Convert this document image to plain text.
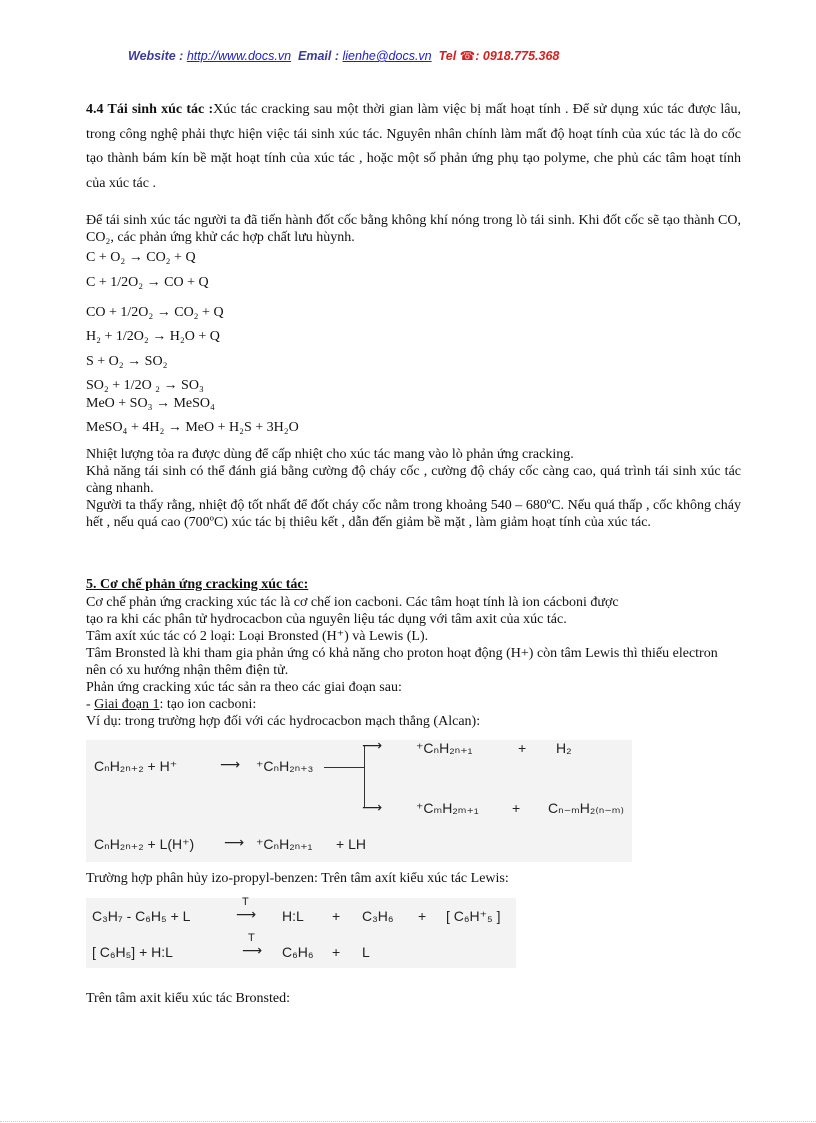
Website : http://www.docs.vn Email : lienhe@docs.vn Tel ☎: 0918.775.368
4.4 Tái sinh xúc tác :Xúc tác cracking sau một thời gian làm việc bị mất hoạt tính . Để sử dụng xúc tác được lâu, trong công nghệ phải thực hiện việc tái sinh xúc tác. Nguyên nhân chính làm mất độ hoạt tính của xúc tác là do cốc tạo thành bám kín bề mặt hoạt tính của xúc tác , hoặc một số phản ứng phụ tạo polyme, che phủ các tâm hoạt tính của xúc tác .
Để tái sinh xúc tác người ta đã tiến hành đốt cốc bằng không khí nóng trong lò tái sinh. Khi đốt cốc sẽ tạo thành CO, CO₂, các phản ứng khử các hợp chất lưu hùynh.
C + O₂ → CO₂ + Q
C + 1/2O₂ → CO + Q
CO + 1/2O₂ → CO₂ + Q
H₂ + 1/2O₂ → H₂O + Q
S + O₂ → SO₂
SO₂ + 1/2O ₂ → SO₃
MeO + SO₃ → MeSO₄
MeSO₄ + 4H₂ → MeO + H₂S + 3H₂O
Nhiệt lượng tỏa ra được dùng để cấp nhiệt cho xúc tác mang vào lò phản ứng cracking.
Khả năng tái sinh có thể đánh giá bằng cường độ cháy cốc , cường độ cháy cốc càng cao, quá trình tái sinh xúc tác càng nhanh.
Người ta thấy rằng, nhiệt độ tốt nhất để đốt cháy cốc nằm trong khoảng 540 – 680ºC. Nếu quá thấp , cốc không cháy hết , nếu quá cao (700ºC) xúc tác bị thiêu kết , dẫn đến giảm bề mặt , làm giảm hoạt tính của xúc tác.
5. Cơ chế phản ứng cracking xúc tác:
Cơ chế phản ứng cracking xúc tác là cơ chế ion cacboni. Các tâm hoạt tính là ion cácboni được
tạo ra khi các phân tử hydrocacbon của nguyên liệu tác dụng với tâm axit của xúc tác.
Tâm axít xúc tác có 2 loại: Loại Bronsted (H⁺) và Lewis (L).
Tâm Bronsted là khi tham gia phản ứng có khả năng cho proton hoạt động (H+) còn tâm Lewis thì thiếu electron nên có xu hướng nhận thêm điện tử.
Phản ứng cracking xúc tác sản ra theo các giai đoạn sau:
- Giai đoạn 1: tạo ion cacboni:
Ví dụ: trong trường hợp đối với các hydrocacbon mạch thẳng (Alcan):
CₙH₂ₙ₊₂ + H⁺	⟶ ⁺CₙH₂ₙ₊₃
⟶
⟶
⁺CₙH₂ₙ₊₁	+ H₂
⁺CₘH₂ₘ₊₁ + Cₙ₋ₘH₂₍ₙ₋ₘ₎
CₙH₂ₙ₊₂ + L(H⁺) ⟶ ⁺CₙH₂ₙ₊₁ + LH
Trường hợp phân hủy izo-propyl-benzen: Trên tâm axít kiểu xúc tác Lewis:
C₃H₇ - C₆H₅ + L
T
⟶ H:L + C₃H₆ + [ C₆H⁺₅ ]
[ C₆H₅] + H:L
T
⟶ C₆H₆ + L
Trên tâm axit kiểu xúc tác Bronsted:
